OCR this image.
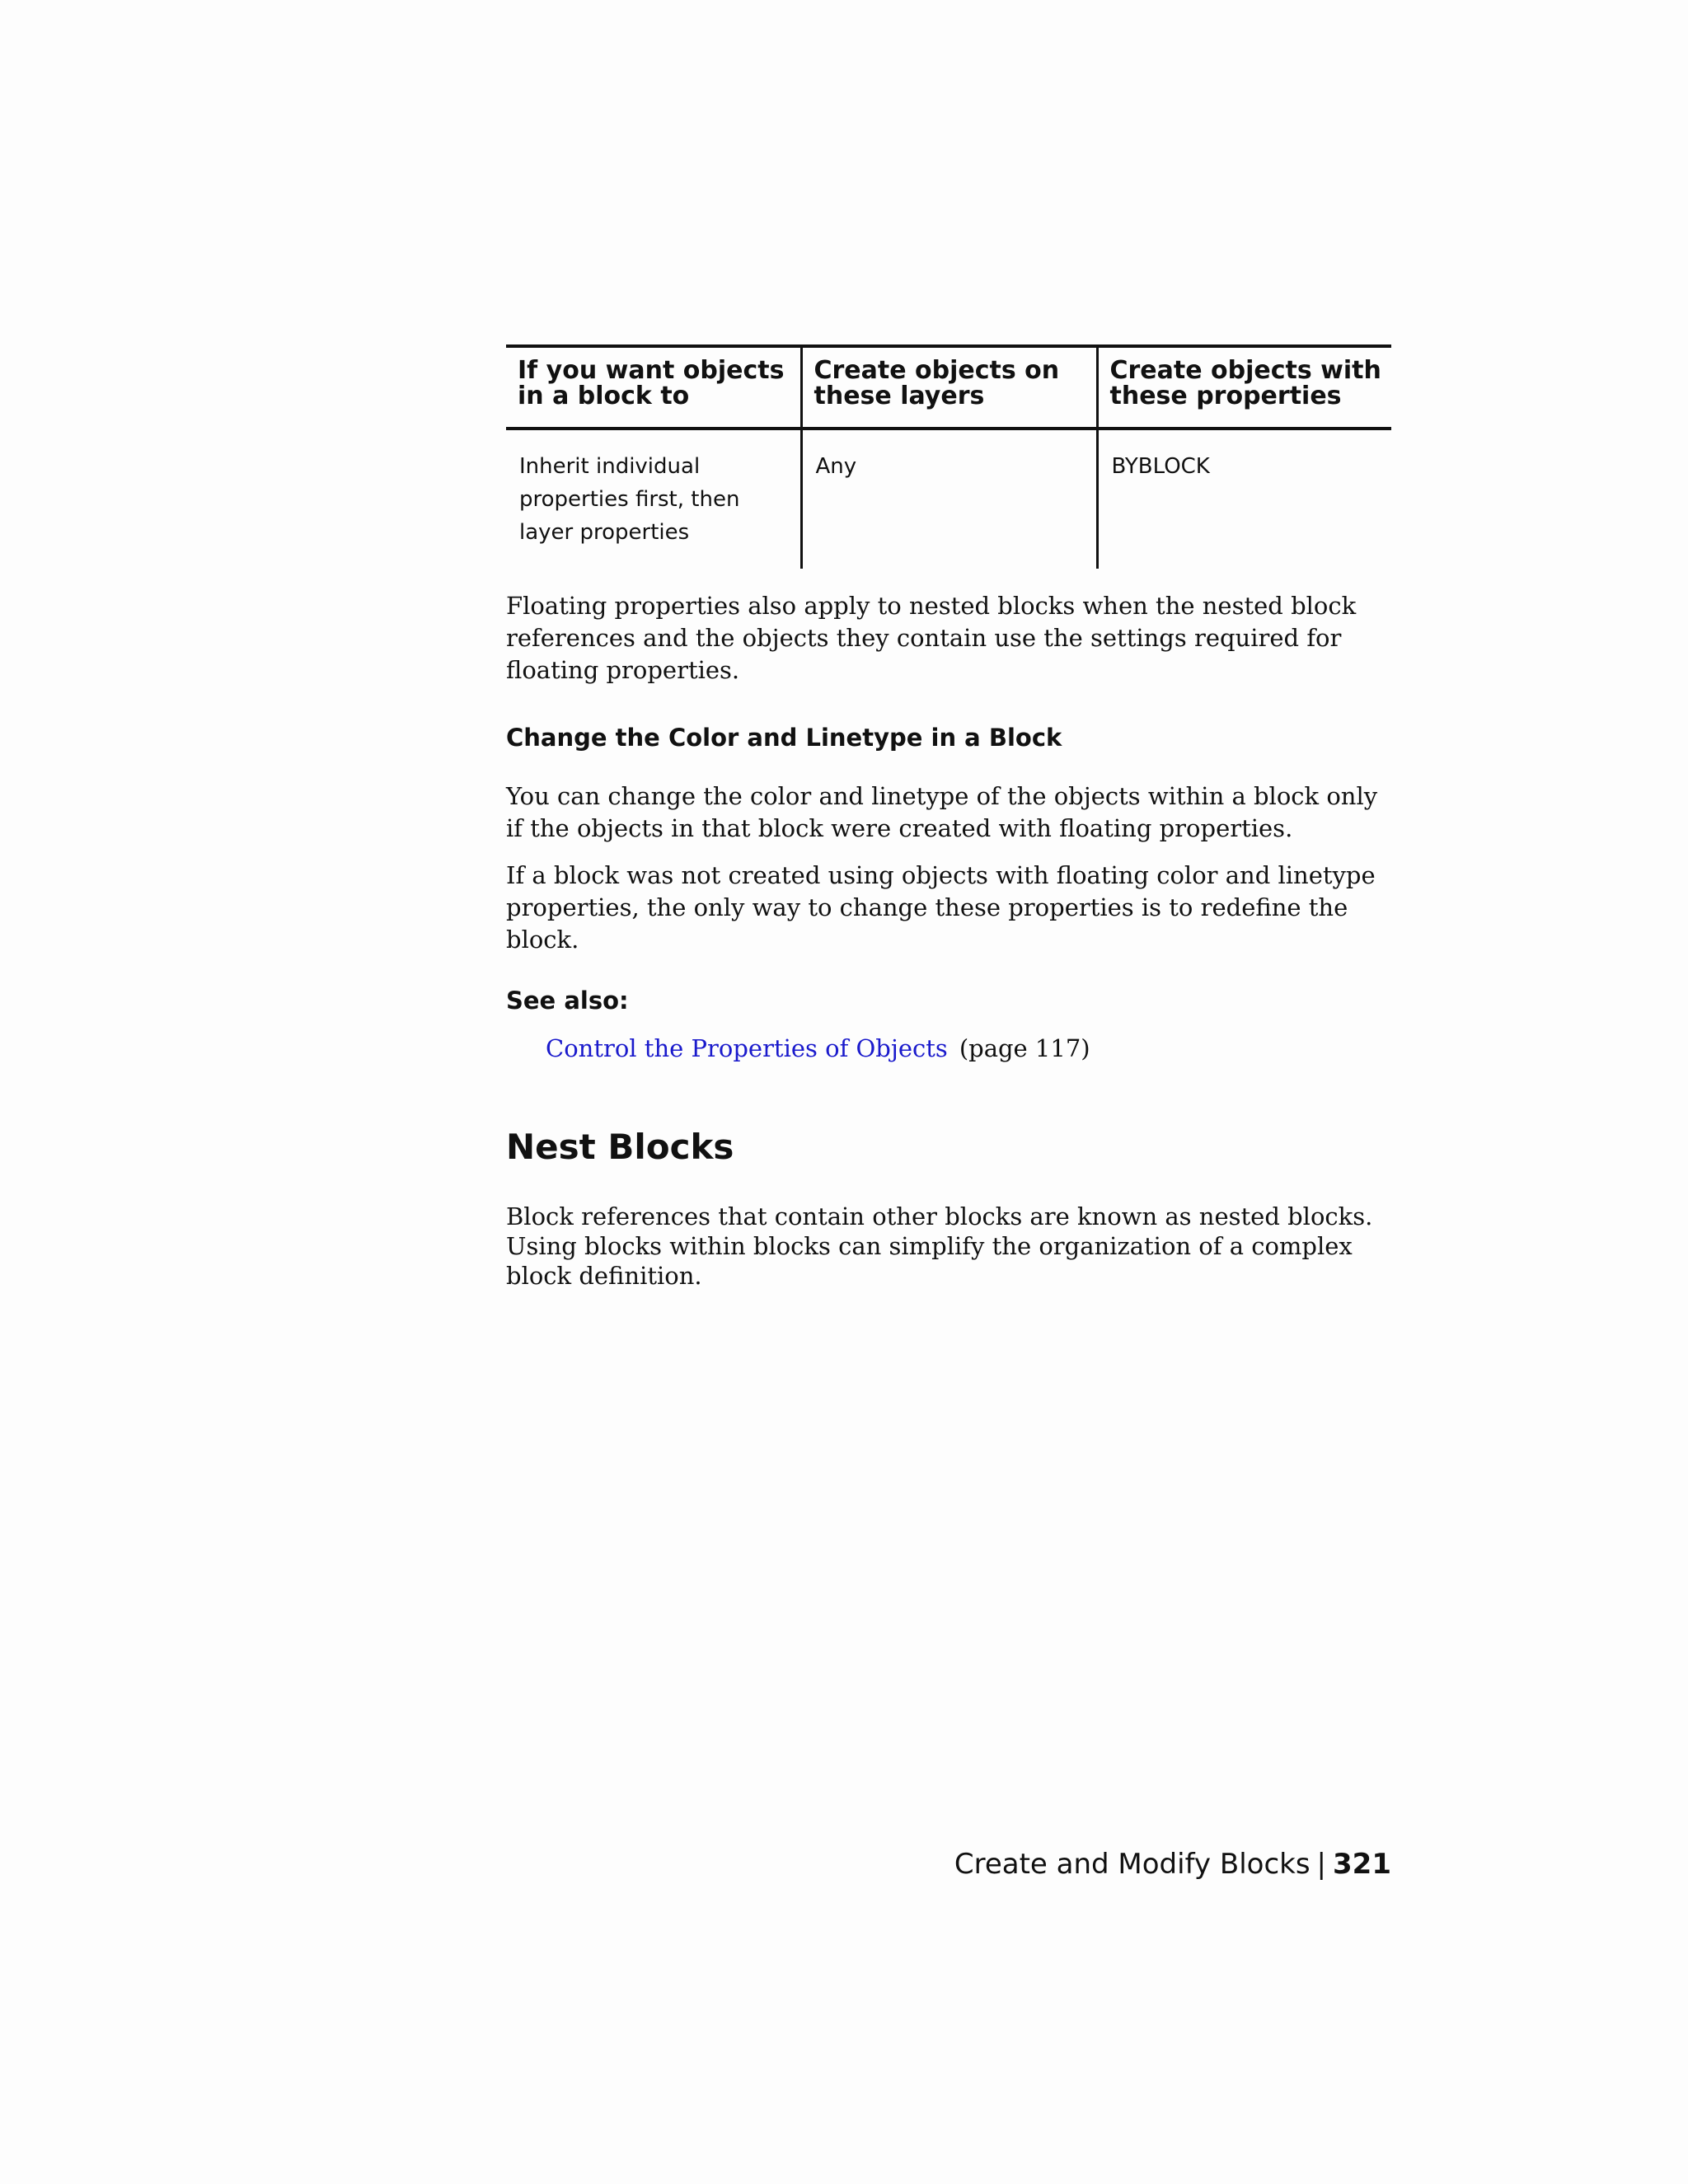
If you want objects in a block to	Create objects on these layers	Create objects with these properties
Inherit individual properties first, then layer properties	Any	BYBLOCK

Floating properties also apply to nested blocks when the nested block references and the objects they contain use the settings required for floating properties.

Change the Color and Linetype in a Block

You can change the color and linetype of the objects within a block only if the objects in that block were created with floating properties.

If a block was not created using objects with floating color and linetype properties, the only way to change these properties is to redefine the block.

See also:
Control the Properties of Objects (page 117)
Nest Blocks

Block references that contain other blocks are known as nested blocks. Using blocks within blocks can simplify the organization of a complex block definition.

Create and Modify Blocks | 321
